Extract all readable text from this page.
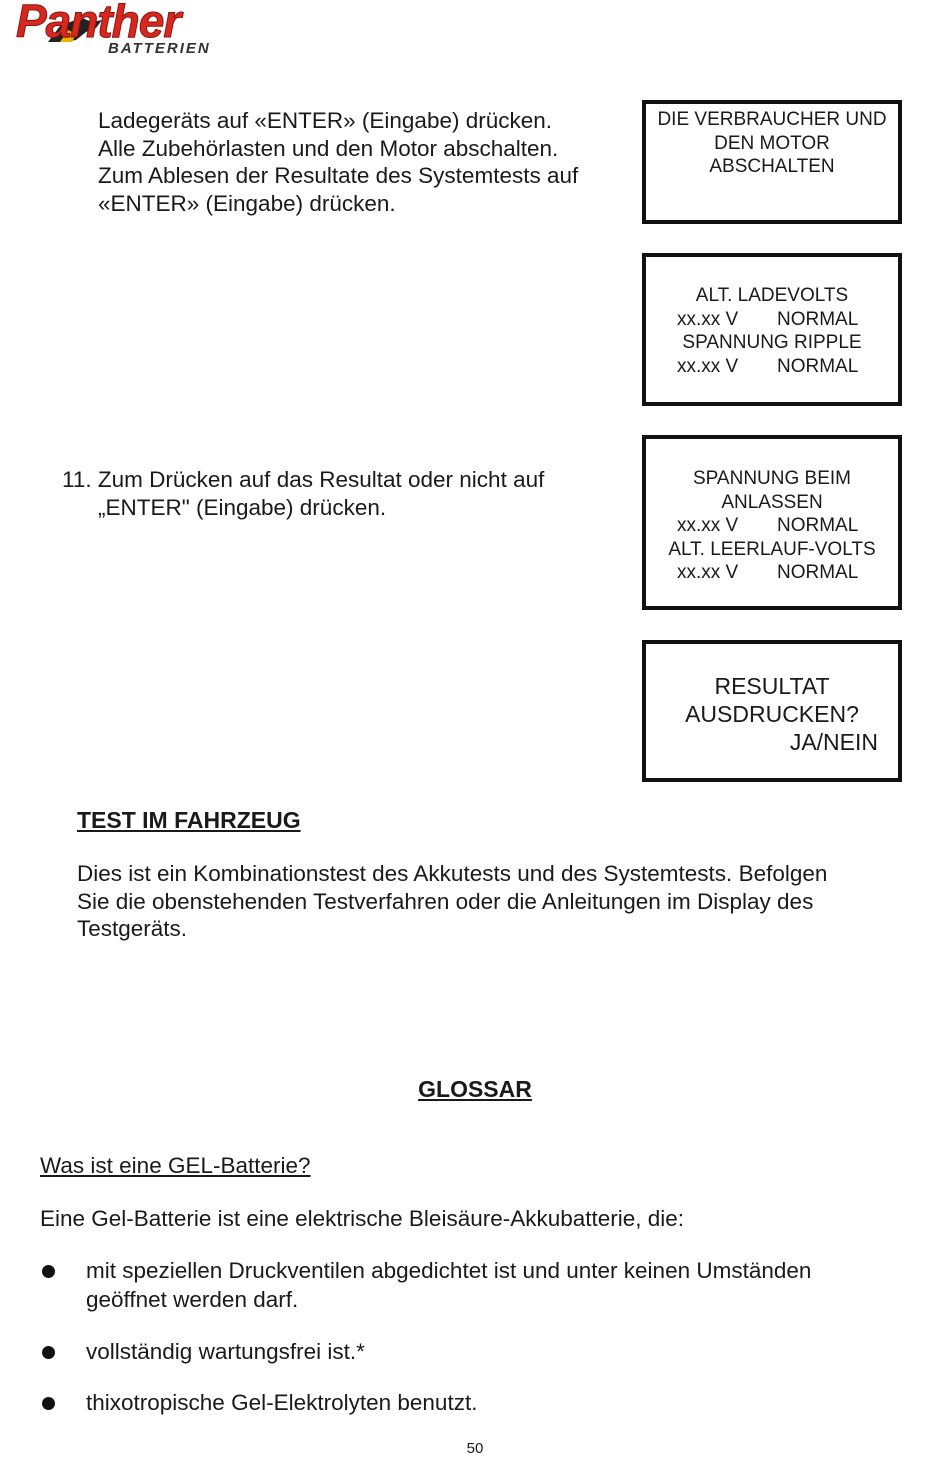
Panther
BATTERIEN

Ladegeräts auf «ENTER» (Eingabe) drücken.

Alle Zubehörlasten und den Motor abschalten.

Zum Ablesen der Resultate des Systemtests auf

«ENTER» (Eingabe) drücken.

DIE VERBRAUCHER UND
DEN MOTOR
ABSCHALTEN
ALT. LADEVOLTS
xx.xx V NORMAL
SPANNUNG RIPPLE
xx.xx V NORMAL

11. Zum Drücken auf das Resultat oder nicht auf

„ENTER" (Eingabe) drücken.

SPANNUNG BEIM
ANLASSEN
xx.xx V NORMAL
ALT. LEERLAUF-VOLTS
xx.xx V NORMAL
RESULTAT
AUSDRUCKEN?
JA/NEIN
TEST IM FAHRZEUG

Dies ist ein Kombinationstest des Akkutests und des Systemtests. Befolgen

Sie die obenstehenden Testverfahren oder die Anleitungen im Display des

Testgeräts.

GLOSSAR
Was ist eine GEL-Batterie?
Eine Gel-Batterie ist eine elektrische Bleisäure-Akkubatterie, die:
mit speziellen Druckventilen abgedichtet ist und unter keinen Umständen
geöffnet werden darf.
vollständig wartungsfrei ist.*
thixotropische Gel-Elektrolyten benutzt.
50
